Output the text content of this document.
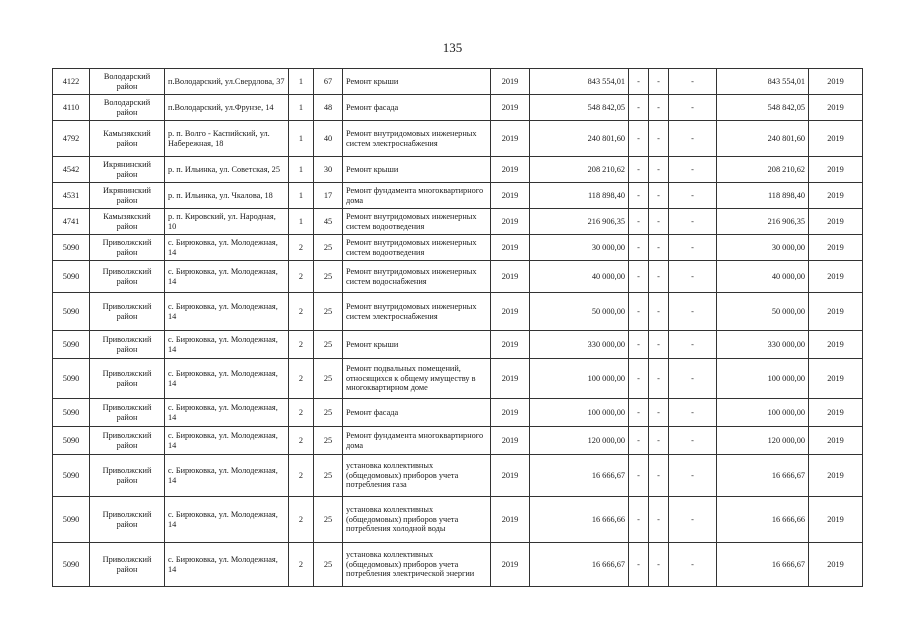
135
4122	Володарский район	п.Володарский, ул.Свердлова, 37	1	67	Ремонт крыши	2019	843 554,01	-	-	-	843 554,01	2019
4110	Володарский район	п.Володарский, ул.Фрунзе, 14	1	48	Ремонт фасада	2019	548 842,05	-	-	-	548 842,05	2019
4792	Камызякский район	р. п. Волго - Каспийский, ул. Набережная, 18	1	40	Ремонт внутридомовых инженерных систем электроснабжения	2019	240 801,60	-	-	-	240 801,60	2019
4542	Икрянинский район	р. п. Ильинка, ул. Советская, 25	1	30	Ремонт крыши	2019	208 210,62	-	-	-	208 210,62	2019
4531	Икрянинский район	р. п. Ильинка, ул. Чкалова, 18	1	17	Ремонт фундамента многоквартирного дома	2019	118 898,40	-	-	-	118 898,40	2019
4741	Камызякский район	р. п. Кировский, ул. Народная, 10	1	45	Ремонт внутридомовых инженерных систем водоотведения	2019	216 906,35	-	-	-	216 906,35	2019
5090	Приволжский район	с. Бирюковка, ул. Молодежная, 14	2	25	Ремонт внутридомовых инженерных систем водоотведения	2019	30 000,00	-	-	-	30 000,00	2019
5090	Приволжский район	с. Бирюковка, ул. Молодежная, 14	2	25	Ремонт внутридомовых инженерных систем водоснабжения	2019	40 000,00	-	-	-	40 000,00	2019
5090	Приволжский район	с. Бирюковка, ул. Молодежная, 14	2	25	Ремонт внутридомовых инженерных систем электроснабжения	2019	50 000,00	-	-	-	50 000,00	2019
5090	Приволжский район	с. Бирюковка, ул. Молодежная, 14	2	25	Ремонт крыши	2019	330 000,00	-	-	-	330 000,00	2019
5090	Приволжский район	с. Бирюковка, ул. Молодежная, 14	2	25	Ремонт подвальных помещений, относящихся к общему имуществу в многоквартирном доме	2019	100 000,00	-	-	-	100 000,00	2019
5090	Приволжский район	с. Бирюковка, ул. Молодежная, 14	2	25	Ремонт фасада	2019	100 000,00	-	-	-	100 000,00	2019
5090	Приволжский район	с. Бирюковка, ул. Молодежная, 14	2	25	Ремонт фундамента многоквартирного дома	2019	120 000,00	-	-	-	120 000,00	2019
5090	Приволжский район	с. Бирюковка, ул. Молодежная, 14	2	25	установка коллективных (общедомовых) приборов учета потребления газа	2019	16 666,67	-	-	-	16 666,67	2019
5090	Приволжский район	с. Бирюковка, ул. Молодежная, 14	2	25	установка коллективных (общедомовых) приборов учета потребления холодной воды	2019	16 666,66	-	-	-	16 666,66	2019
5090	Приволжский район	с. Бирюковка, ул. Молодежная, 14	2	25	установка коллективных (общедомовых) приборов учета потребления электрической энергии	2019	16 666,67	-	-	-	16 666,67	2019
